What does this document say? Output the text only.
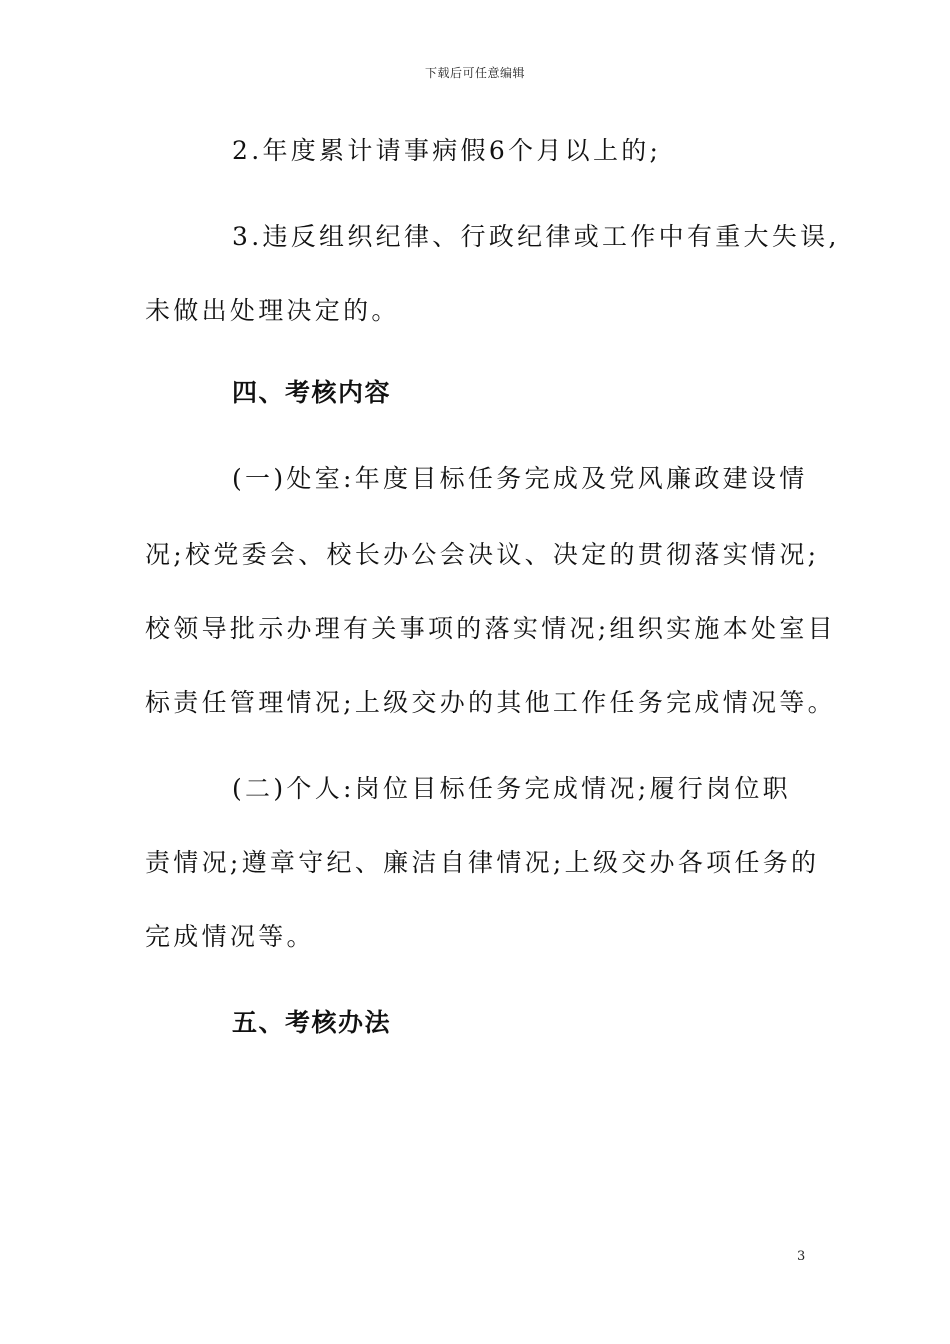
下载后可任意编辑
2.年度累计请事病假6个月以上的;
3.违反组织纪律、行政纪律或工作中有重大失误,
未做出处理决定的。
四、考核内容
(一)处室:年度目标任务完成及党风廉政建设情
况;校党委会、校长办公会决议、决定的贯彻落实情况;
校领导批示办理有关事项的落实情况;组织实施本处室目
标责任管理情况;上级交办的其他工作任务完成情况等。
(二)个人:岗位目标任务完成情况;履行岗位职
责情况;遵章守纪、廉洁自律情况;上级交办各项任务的
完成情况等。
五、考核办法
3
